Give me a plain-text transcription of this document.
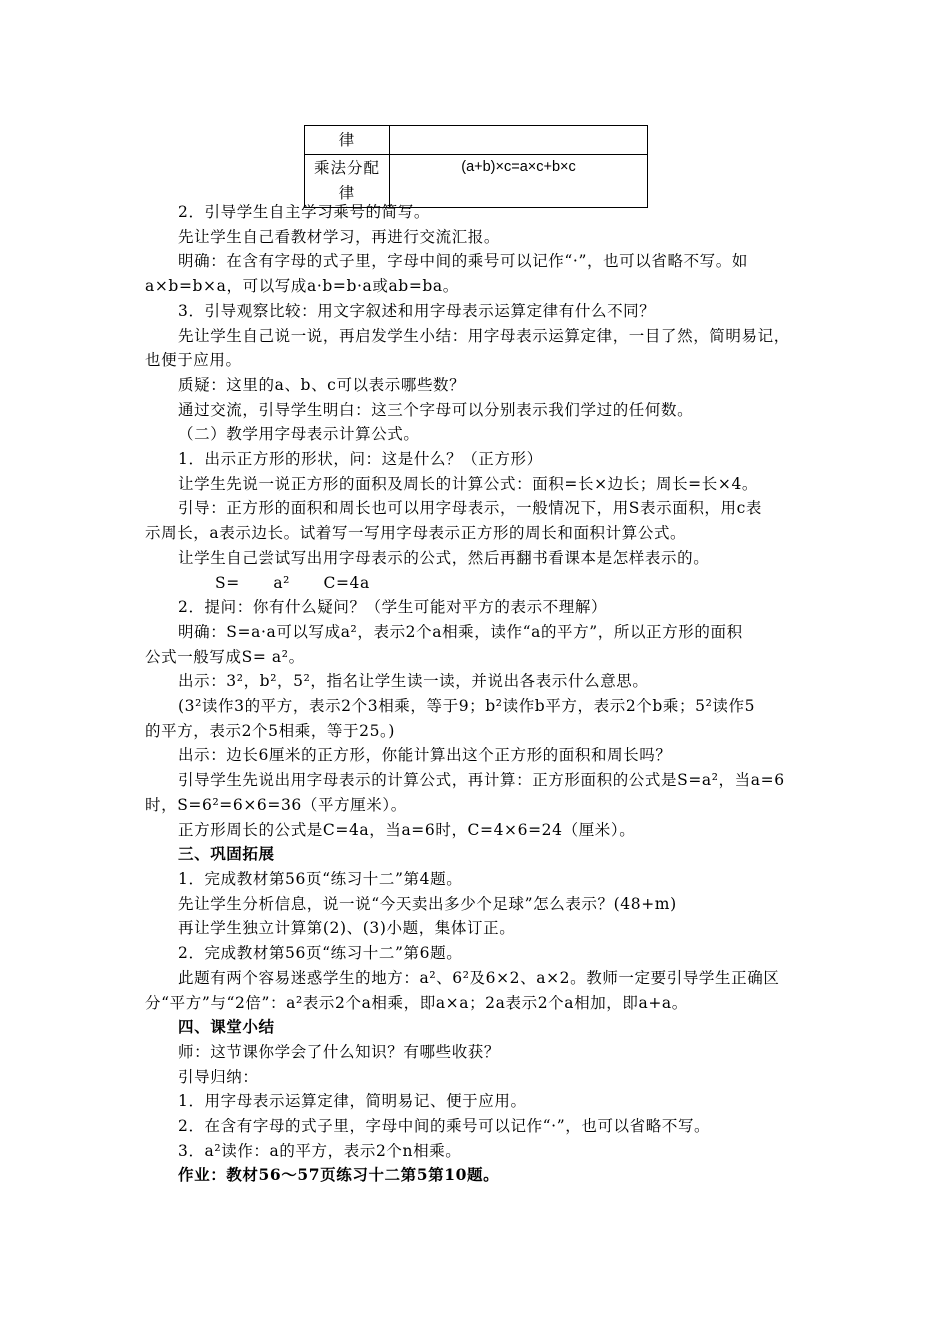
律	
乘法分配律	(a+b)×c=a×c+b×c

2．引导学生自主学习乘号的简写。

先让学生自己看教材学习，再进行交流汇报。

明确：在含有字母的式子里，字母中间的乘号可以记作“·”，也可以省略不写。如

a×b=b×a，可以写成a·b=b·a或ab=ba。

3．引导观察比较：用文字叙述和用字母表示运算定律有什么不同？

先让学生自己说一说，再启发学生小结：用字母表示运算定律，一目了然，简明易记，

也便于应用。

质疑：这里的a、b、c可以表示哪些数？

通过交流，引导学生明白：这三个字母可以分别表示我们学过的任何数。

（二）教学用字母表示计算公式。

1．出示正方形的形状，问：这是什么？（正方形）

让学生先说一说正方形的面积及周长的计算公式：面积=长×边长；周长=长×4。

引导：正方形的面积和周长也可以用字母表示，一般情况下，用S表示面积，用c表

示周长，a表示边长。试着写一写用字母表示正方形的周长和面积计算公式。

让学生自己尝试写出用字母表示的公式，然后再翻书看课本是怎样表示的。

S= a² C=4a

2．提问：你有什么疑问？（学生可能对平方的表示不理解）

明确：S=a·a可以写成a²，表示2个a相乘，读作“a的平方”，所以正方形的面积

公式一般写成S= a²。

出示：3²，b²，5²，指名让学生读一读，并说出各表示什么意思。

(3²读作3的平方，表示2个3相乘，等于9；b²读作b平方，表示2个b乘；5²读作5

的平方，表示2个5相乘，等于25。)

出示：边长6厘米的正方形，你能计算出这个正方形的面积和周长吗？

引导学生先说出用字母表示的计算公式，再计算：正方形面积的公式是S=a²，当a=6

时，S=6²=6×6=36（平方厘米）。

正方形周长的公式是C=4a，当a=6时，C=4×6=24（厘米）。

三、巩固拓展

1．完成教材第56页“练习十二”第4题。

先让学生分析信息，说一说“今天卖出多少个足球”怎么表示？(48+m)

再让学生独立计算第(2)、(3)小题，集体订正。

2．完成教材第56页“练习十二”第6题。

此题有两个容易迷惑学生的地方：a²、6²及6×2、a×2。教师一定要引导学生正确区

分“平方”与“2倍”：a²表示2个a相乘，即a×a；2a表示2个a相加，即a+a。

四、课堂小结

师：这节课你学会了什么知识？有哪些收获？

引导归纳：

1．用字母表示运算定律，简明易记、便于应用。

2．在含有字母的式子里，字母中间的乘号可以记作“·”，也可以省略不写。

3．a²读作：a的平方，表示2个n相乘。

作业：教材56～57页练习十二第5第10题。
